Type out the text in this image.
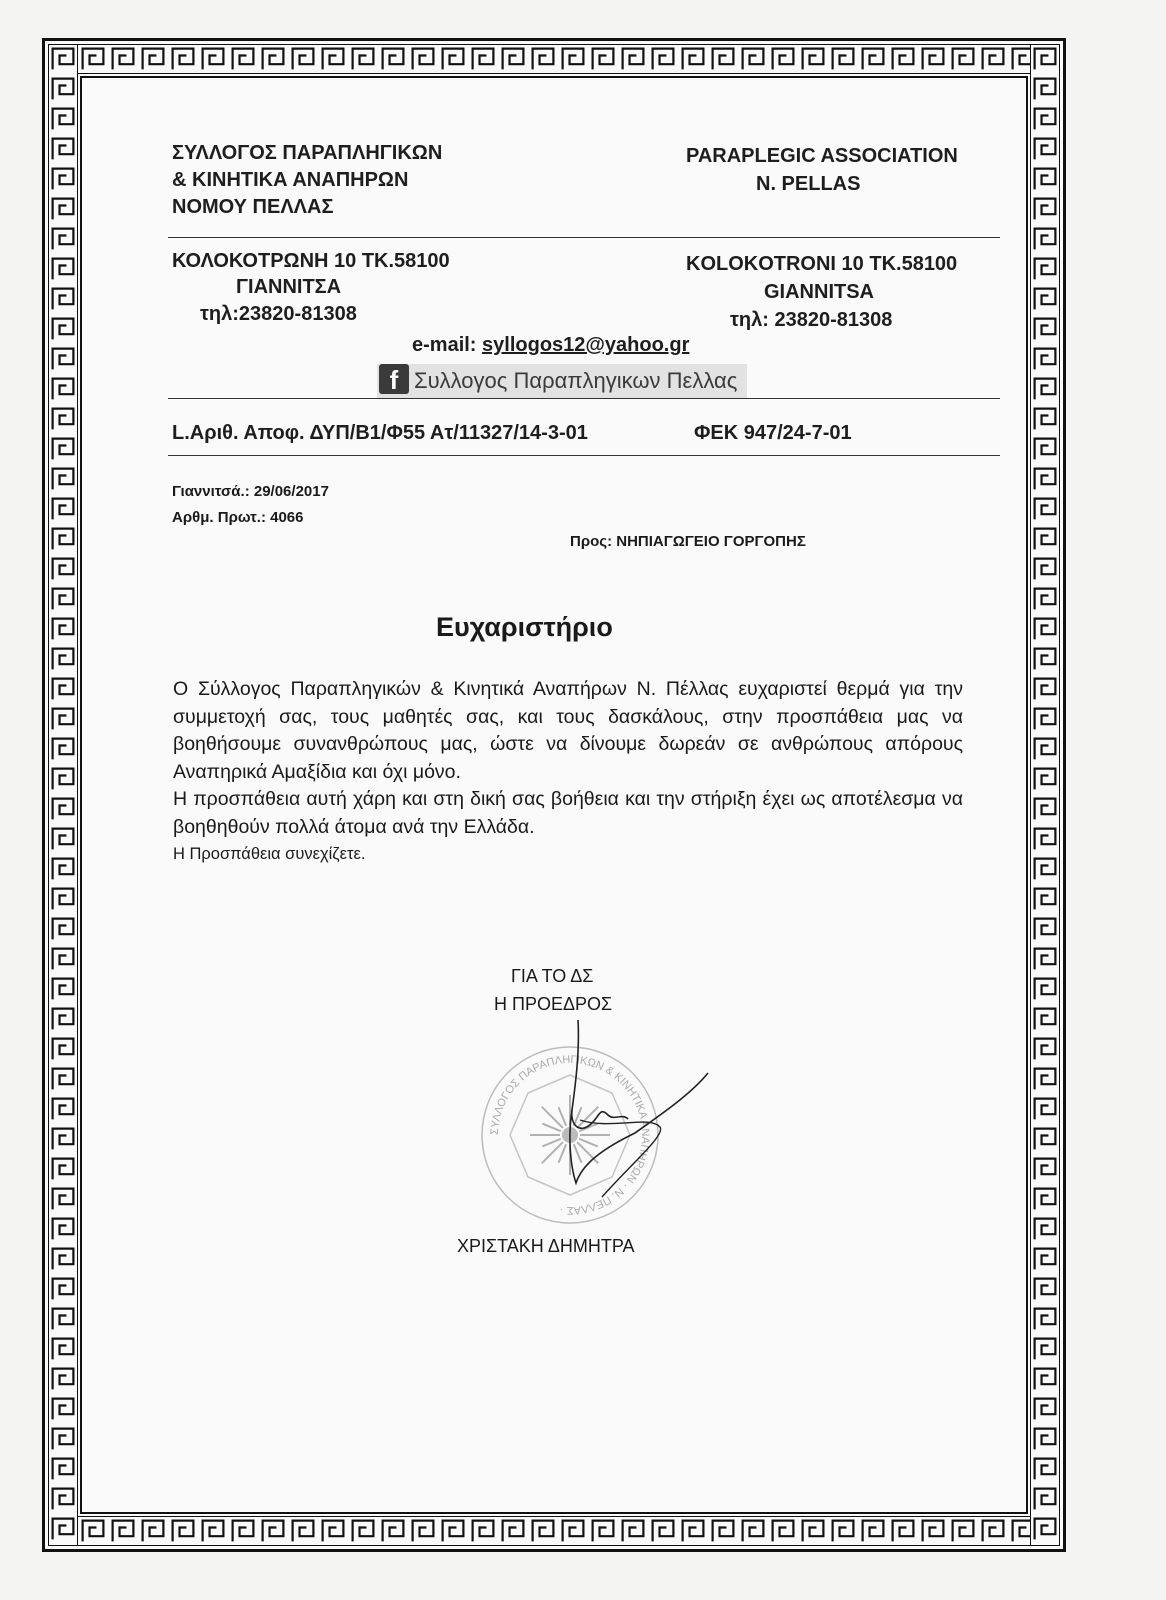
ΣΥΛΛΟΓΟΣ ΠΑΡΑΠΛΗΓΙΚΩΝ
& ΚΙΝΗΤΙΚΑ ΑΝΑΠΗΡΩΝ
ΝΟΜΟΥ ΠΕΛΛΑΣ
PARAPLEGIC ASSOCIATION
N. PELLAS
ΚΟΛΟΚΟΤΡΩΝΗ 10 ΤΚ.58100
ΓΙΑΝΝΙΤΣΑ
τηλ:23820-81308
KOLOKOTRONI 10 TK.58100
GIANNITSA
τηλ: 23820-81308
e-mail: syllogos12@yahoo.gr
f Συλλογος Παραπληγικων Πελλας
L.Αριθ. Αποφ. ΔΥΠ/Β1/Φ55 Ατ/11327/14-3-01	ΦΕΚ 947/24-7-01
Γιαννιτσά.: 29/06/2017
Αρθμ. Πρωτ.: 4066
Προς: ΝΗΠΙΑΓΩΓΕΙΟ ΓΟΡΓΟΠΗΣ
Ευχαριστήριο

Ο Σύλλογος Παραπληγικών & Κινητικά Αναπήρων Ν. Πέλλας ευχαριστεί θερμά για την συμμετοχή σας, τους μαθητές σας, και τους δασκάλους, στην προσπάθεια μας να βοηθήσουμε συνανθρώπους μας, ώστε να δίνουμε δωρεάν σε ανθρώπους απόρους Αναπηρικά Αμαξίδια και όχι μόνο.

Η προσπάθεια αυτή χάρη και στη δική σας βοήθεια και την στήριξη έχει ως αποτέλεσμα να βοηθηθούν πολλά άτομα ανά την Ελλάδα.

Η Προσπάθεια συνεχίζετε.

ΓΙΑ ΤΟ ΔΣ
Η ΠΡΟΕΔΡΟΣ
ΣΥΛΛΟΓΟΣ ΠΑΡΑΠΛΗΓΙΚΩΝ & ΚΙΝΗΤΙΚΑ ΑΝΑΠΗΡΩΝ · Ν. ΠΕΛΛΑΣ ·
ΧΡΙΣΤΑΚΗ ΔΗΜΗΤΡΑ
